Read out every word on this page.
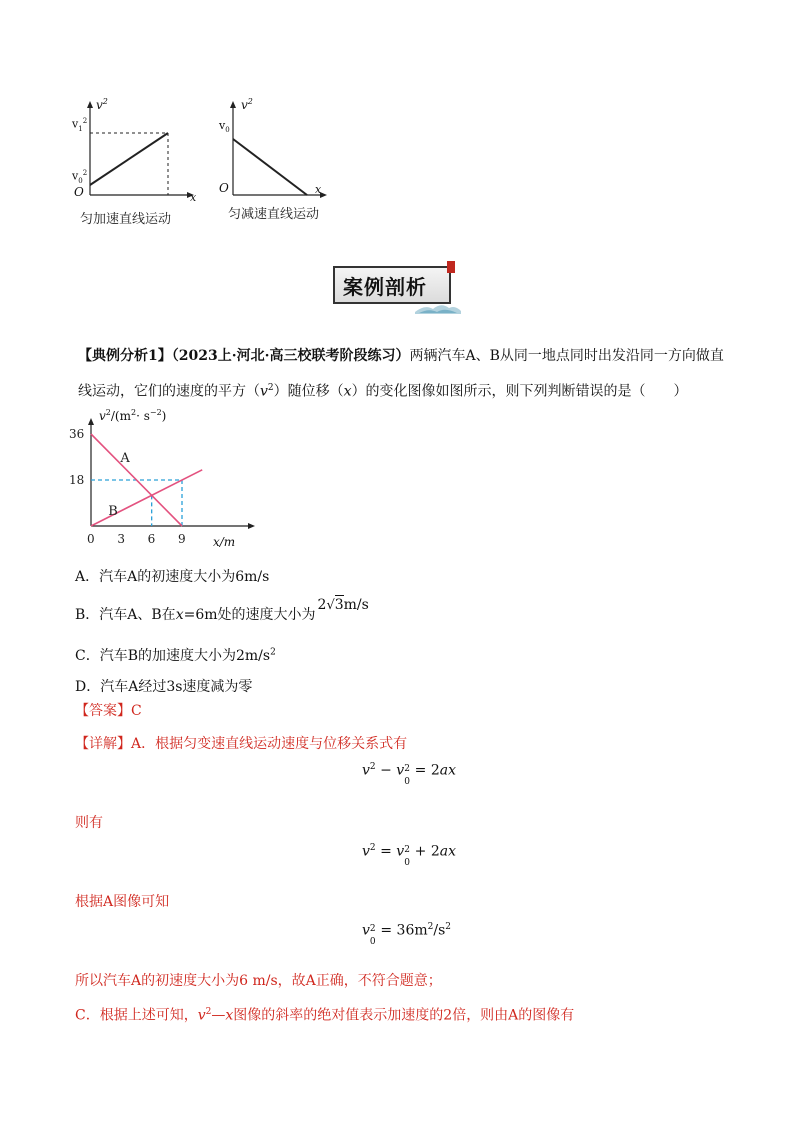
$v^2$
$v_1^2$
$v_0^2$
O	x
匀加速直线运动
$v^2$
$v_0$
O	x
匀减速直线运动
案例剖析
【典例分析1】（2023上·河北·高三校联考阶段练习）两辆汽车A、B从同一地点同时出发沿同一方向做直
线运动，它们的速度的平方$(v^2)$随位移（x）的变化图像如图所示，则下列判断错误的是（　　）
A
B
0 3 6 9
18
36
$v^2/(m^2\cdot s^{-2})$
x/m
A．汽车A的初速度大小为6m/s
B．汽车A、B在x=6m处的速度大小为2√3m/s
C．汽车B的加速度大小为$2m/s^2$
D．汽车A经过3s速度减为零
【答案】C
【详解】A．根据匀变速直线运动速度与位移关系式有
$v^2 - v$ 2
0
= 2ax
则有
$v^2 = v$ 2
0
+ 2ax
根据A图像可知
v 2
0
= $36m^2/s^2$
所以汽车A的初速度大小为6 m/s，故A正确，不符合题意；
C．根据上述可知，$v^2—x$图像的斜率的绝对值表示加速度的2倍，则由A的图像有
